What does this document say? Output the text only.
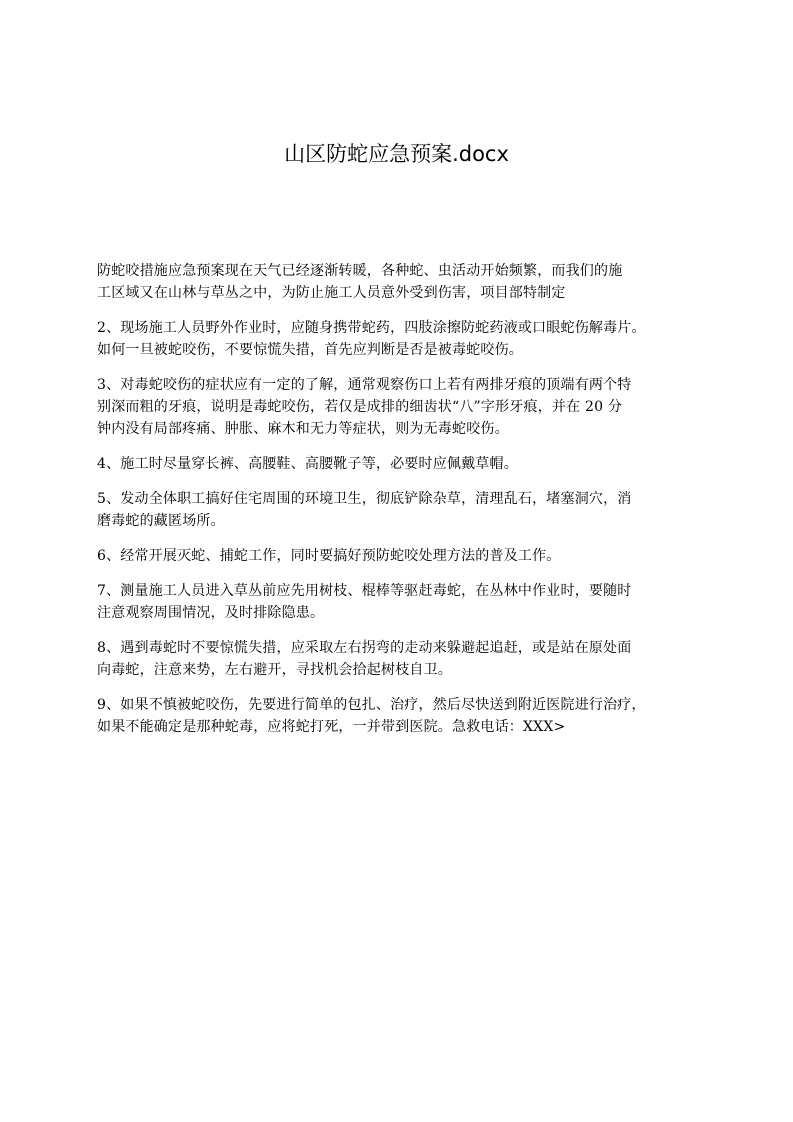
山区防蛇应急预案.docx

防蛇咬措施应急预案现在天气已经逐渐转暖，各种蛇、虫活动开始频繁，而我们的施
工区域又在山林与草丛之中，为防止施工人员意外受到伤害，项目部特制定

2、现场施工人员野外作业时，应随身携带蛇药，四肢涂擦防蛇药液或口眼蛇伤解毒片。
如何一旦被蛇咬伤，不要惊慌失措，首先应判断是否是被毒蛇咬伤。

3、对毒蛇咬伤的症状应有一定的了解，通常观察伤口上若有两排牙痕的顶端有两个特
别深而粗的牙痕，说明是毒蛇咬伤，若仅是成排的细齿状“八”字形牙痕，并在 20 分
钟内没有局部疼痛、肿胀、麻木和无力等症状，则为无毒蛇咬伤。

4、施工时尽量穿长裤、高腰鞋、高腰靴子等，必要时应佩戴草帽。

5、发动全体职工搞好住宅周围的环境卫生，彻底铲除杂草，清理乱石，堵塞洞穴，消
磨毒蛇的藏匿场所。

6、经常开展灭蛇、捕蛇工作，同时要搞好预防蛇咬处理方法的普及工作。

7、测量施工人员进入草丛前应先用树枝、棍棒等驱赶毒蛇，在丛林中作业时，要随时
注意观察周围情况，及时排除隐患。

8、遇到毒蛇时不要惊慌失措，应采取左右拐弯的走动来躲避起追赶，或是站在原处面
向毒蛇，注意来势，左右避开，寻找机会拾起树枝自卫。

9、如果不慎被蛇咬伤，先要进行简单的包扎、治疗，然后尽快送到附近医院进行治疗，
如果不能确定是那种蛇毒，应将蛇打死，一并带到医院。急救电话：XXX>
